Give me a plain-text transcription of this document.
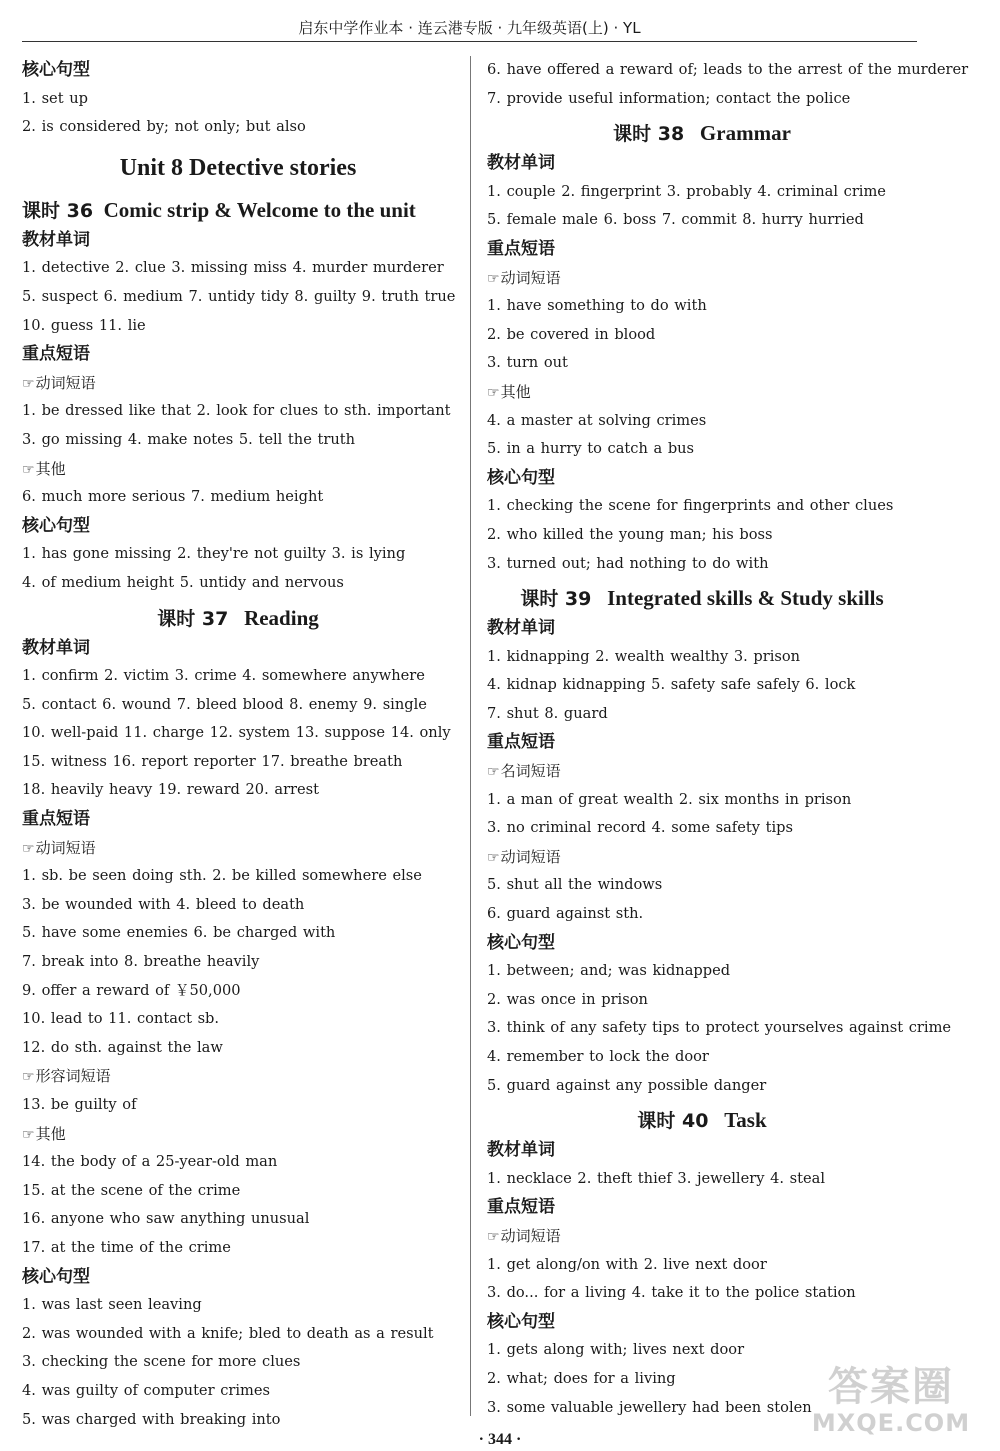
启东中学作业本 · 连云港专版 · 九年级英语(上) · YL
核心句型
1. set up
2. is considered by; not only; but also
Unit 8 Detective stories
课时 36 Comic strip & Welcome to the unit
教材单词
1. detective 2. clue 3. missing miss 4. murder murderer
5. suspect 6. medium 7. untidy tidy 8. guilty 9. truth true
10. guess 11. lie
重点短语
☞动词短语
1. be dressed like that 2. look for clues to sth. important
3. go missing 4. make notes 5. tell the truth
☞其他
6. much more serious 7. medium height
核心句型
1. has gone missing 2. they're not guilty 3. is lying
4. of medium height 5. untidy and nervous
课时 37 Reading
教材单词
1. confirm 2. victim 3. crime 4. somewhere anywhere
5. contact 6. wound 7. bleed blood 8. enemy 9. single
10. well-paid 11. charge 12. system 13. suppose 14. only
15. witness 16. report reporter 17. breathe breath
18. heavily heavy 19. reward 20. arrest
重点短语
☞动词短语
1. sb. be seen doing sth. 2. be killed somewhere else
3. be wounded with 4. bleed to death
5. have some enemies 6. be charged with
7. break into 8. breathe heavily
9. offer a reward of ￥50,000
10. lead to 11. contact sb.
12. do sth. against the law
☞形容词短语
13. be guilty of
☞其他
14. the body of a 25-year-old man
15. at the scene of the crime
16. anyone who saw anything unusual
17. at the time of the crime
核心句型
1. was last seen leaving
2. was wounded with a knife; bled to death as a result
3. checking the scene for more clues
4. was guilty of computer crimes
5. was charged with breaking into
6. have offered a reward of; leads to the arrest of the murderer
7. provide useful information; contact the police
课时 38 Grammar
教材单词
1. couple 2. fingerprint 3. probably 4. criminal crime
5. female male 6. boss 7. commit 8. hurry hurried
重点短语
☞动词短语
1. have something to do with
2. be covered in blood
3. turn out
☞其他
4. a master at solving crimes
5. in a hurry to catch a bus
核心句型
1. checking the scene for fingerprints and other clues
2. who killed the young man; his boss
3. turned out; had nothing to do with
课时 39 Integrated skills & Study skills
教材单词
1. kidnapping 2. wealth wealthy 3. prison
4. kidnap kidnapping 5. safety safe safely 6. lock
7. shut 8. guard
重点短语
☞名词短语
1. a man of great wealth 2. six months in prison
3. no criminal record 4. some safety tips
☞动词短语
5. shut all the windows
6. guard against sth.
核心句型
1. between; and; was kidnapped
2. was once in prison
3. think of any safety tips to protect yourselves against crime
4. remember to lock the door
5. guard against any possible danger
课时 40 Task
教材单词
1. necklace 2. theft thief 3. jewellery 4. steal
重点短语
☞动词短语
1. get along/on with 2. live next door
3. do... for a living 4. take it to the police station
核心句型
1. gets along with; lives next door
2. what; does for a living
3. some valuable jewellery had been stolen
· 344 ·
答案圈
MXQE.COM
